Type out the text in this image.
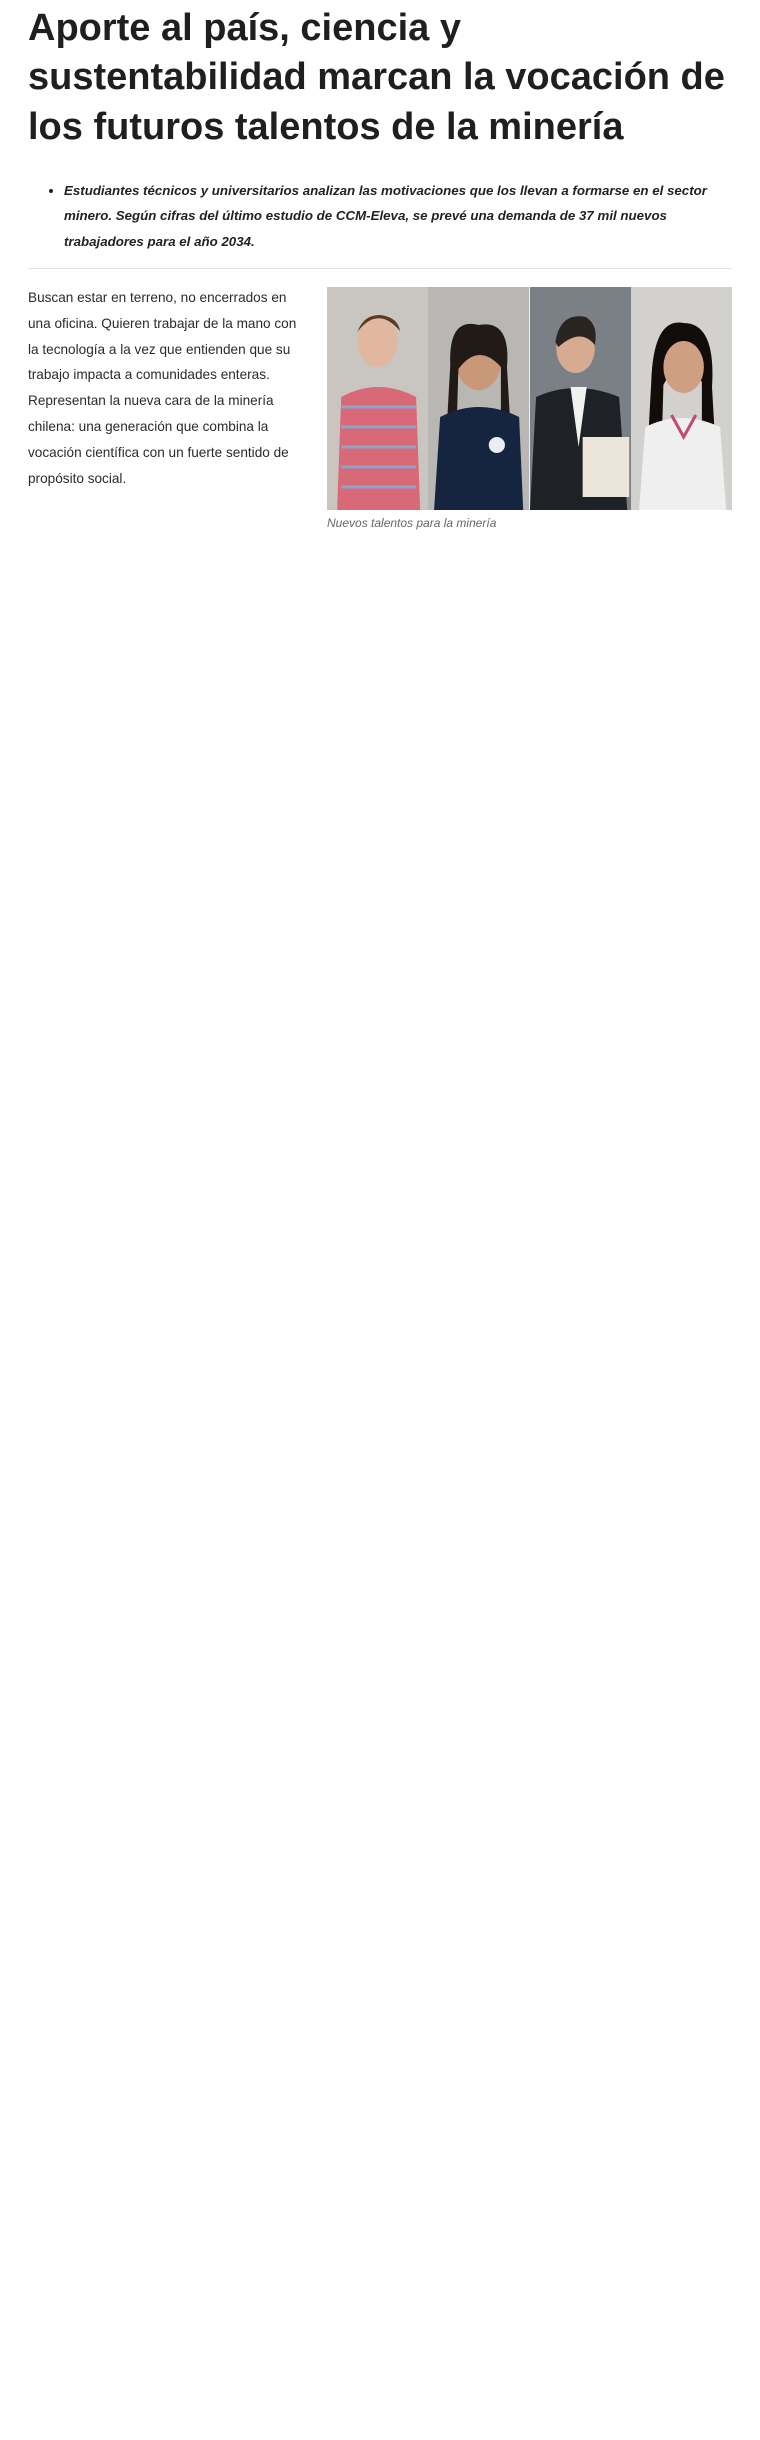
Aporte al país, ciencia y sustentabilidad marcan la vocación de los futuros talentos de la minería
• Estudiantes técnicos y universitarios analizan las motivaciones que los llevan a formarse en el sector minero. Según cifras del último estudio de CCM-Eleva, se prevé una demanda de 37 mil nuevos trabajadores para el año 2034.
Nuevos talentos para la minería

Buscan estar en terreno, no encerrados en una oficina. Quieren trabajar de la mano con la tecnología a la vez que entienden que su trabajo impacta a comunidades enteras. Representan la nueva cara de la minería chilena: una generación que combina la vocación científica con un fuerte sentido de propósito social.
